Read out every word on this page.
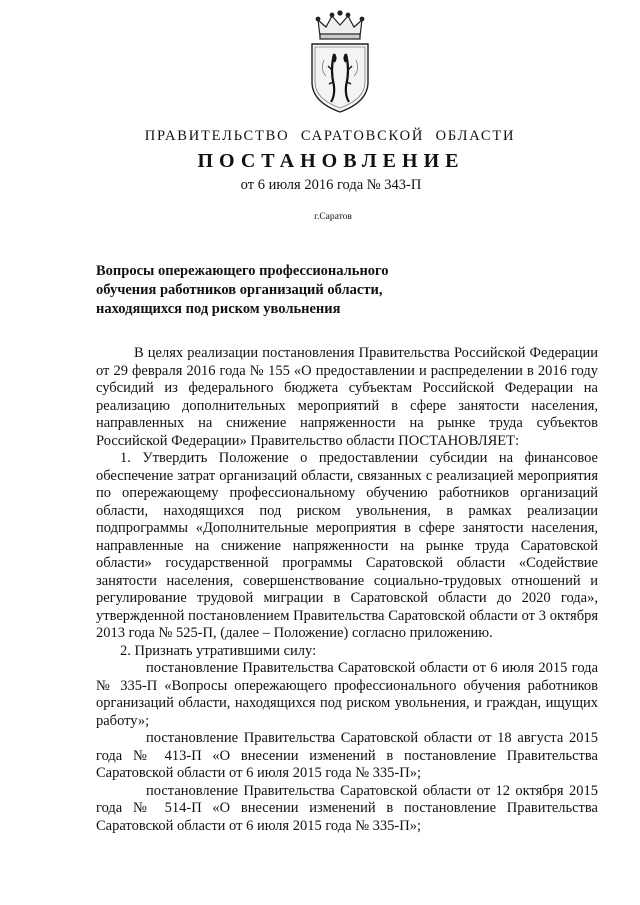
ПРАВИТЕЛЬСТВО САРАТОВСКОЙ ОБЛАСТИ
ПОСТАНОВЛЕНИЕ
от 6 июля 2016 года № 343-П
г.Саратов
Вопросы опережающего профессионального
обучения работников организаций области,
находящихся под риском увольнения

В целях реализации постановления Правительства Российской Федерации от 29 февраля 2016 года № 155 «О предоставлении и распределении в 2016 году субсидий из федерального бюджета субъектам Российской Федерации на реализацию дополнительных мероприятий в сфере занятости населения, направленных на снижение напряженности на рынке труда субъектов Российской Федерации» Правительство области ПОСТАНОВЛЯЕТ:

1. Утвердить Положение о предоставлении субсидии на финансовое обеспечение затрат организаций области, связанных с реализацией мероприятия по опережающему профессиональному обучению работников организаций области, находящихся под риском увольнения, в рамках реализации подпрограммы «Дополнительные мероприятия в сфере занятости населения, направленные на снижение напряженности на рынке труда Саратовской области» государственной программы Саратовской области «Содействие занятости населения, совершенствование социально-трудовых отношений и регулирование трудовой миграции в Саратовской области до 2020 года», утвержденной постановлением Правительства Саратовской области от 3 октября 2013 года № 525-П, (далее – Положение) согласно приложению.

2. Признать утратившими силу:

постановление Правительства Саратовской области от 6 июля 2015 года № 335-П «Вопросы опережающего профессионального обучения работников организаций области, находящихся под риском увольнения, и граждан, ищущих работу»;

постановление Правительства Саратовской области от 18 августа 2015 года № 413-П «О внесении изменений в постановление Правительства Саратовской области от 6 июля 2015 года № 335-П»;

постановление Правительства Саратовской области от 12 октября 2015 года № 514-П «О внесении изменений в постановление Правительства Саратовской области от 6 июля 2015 года № 335-П»;
